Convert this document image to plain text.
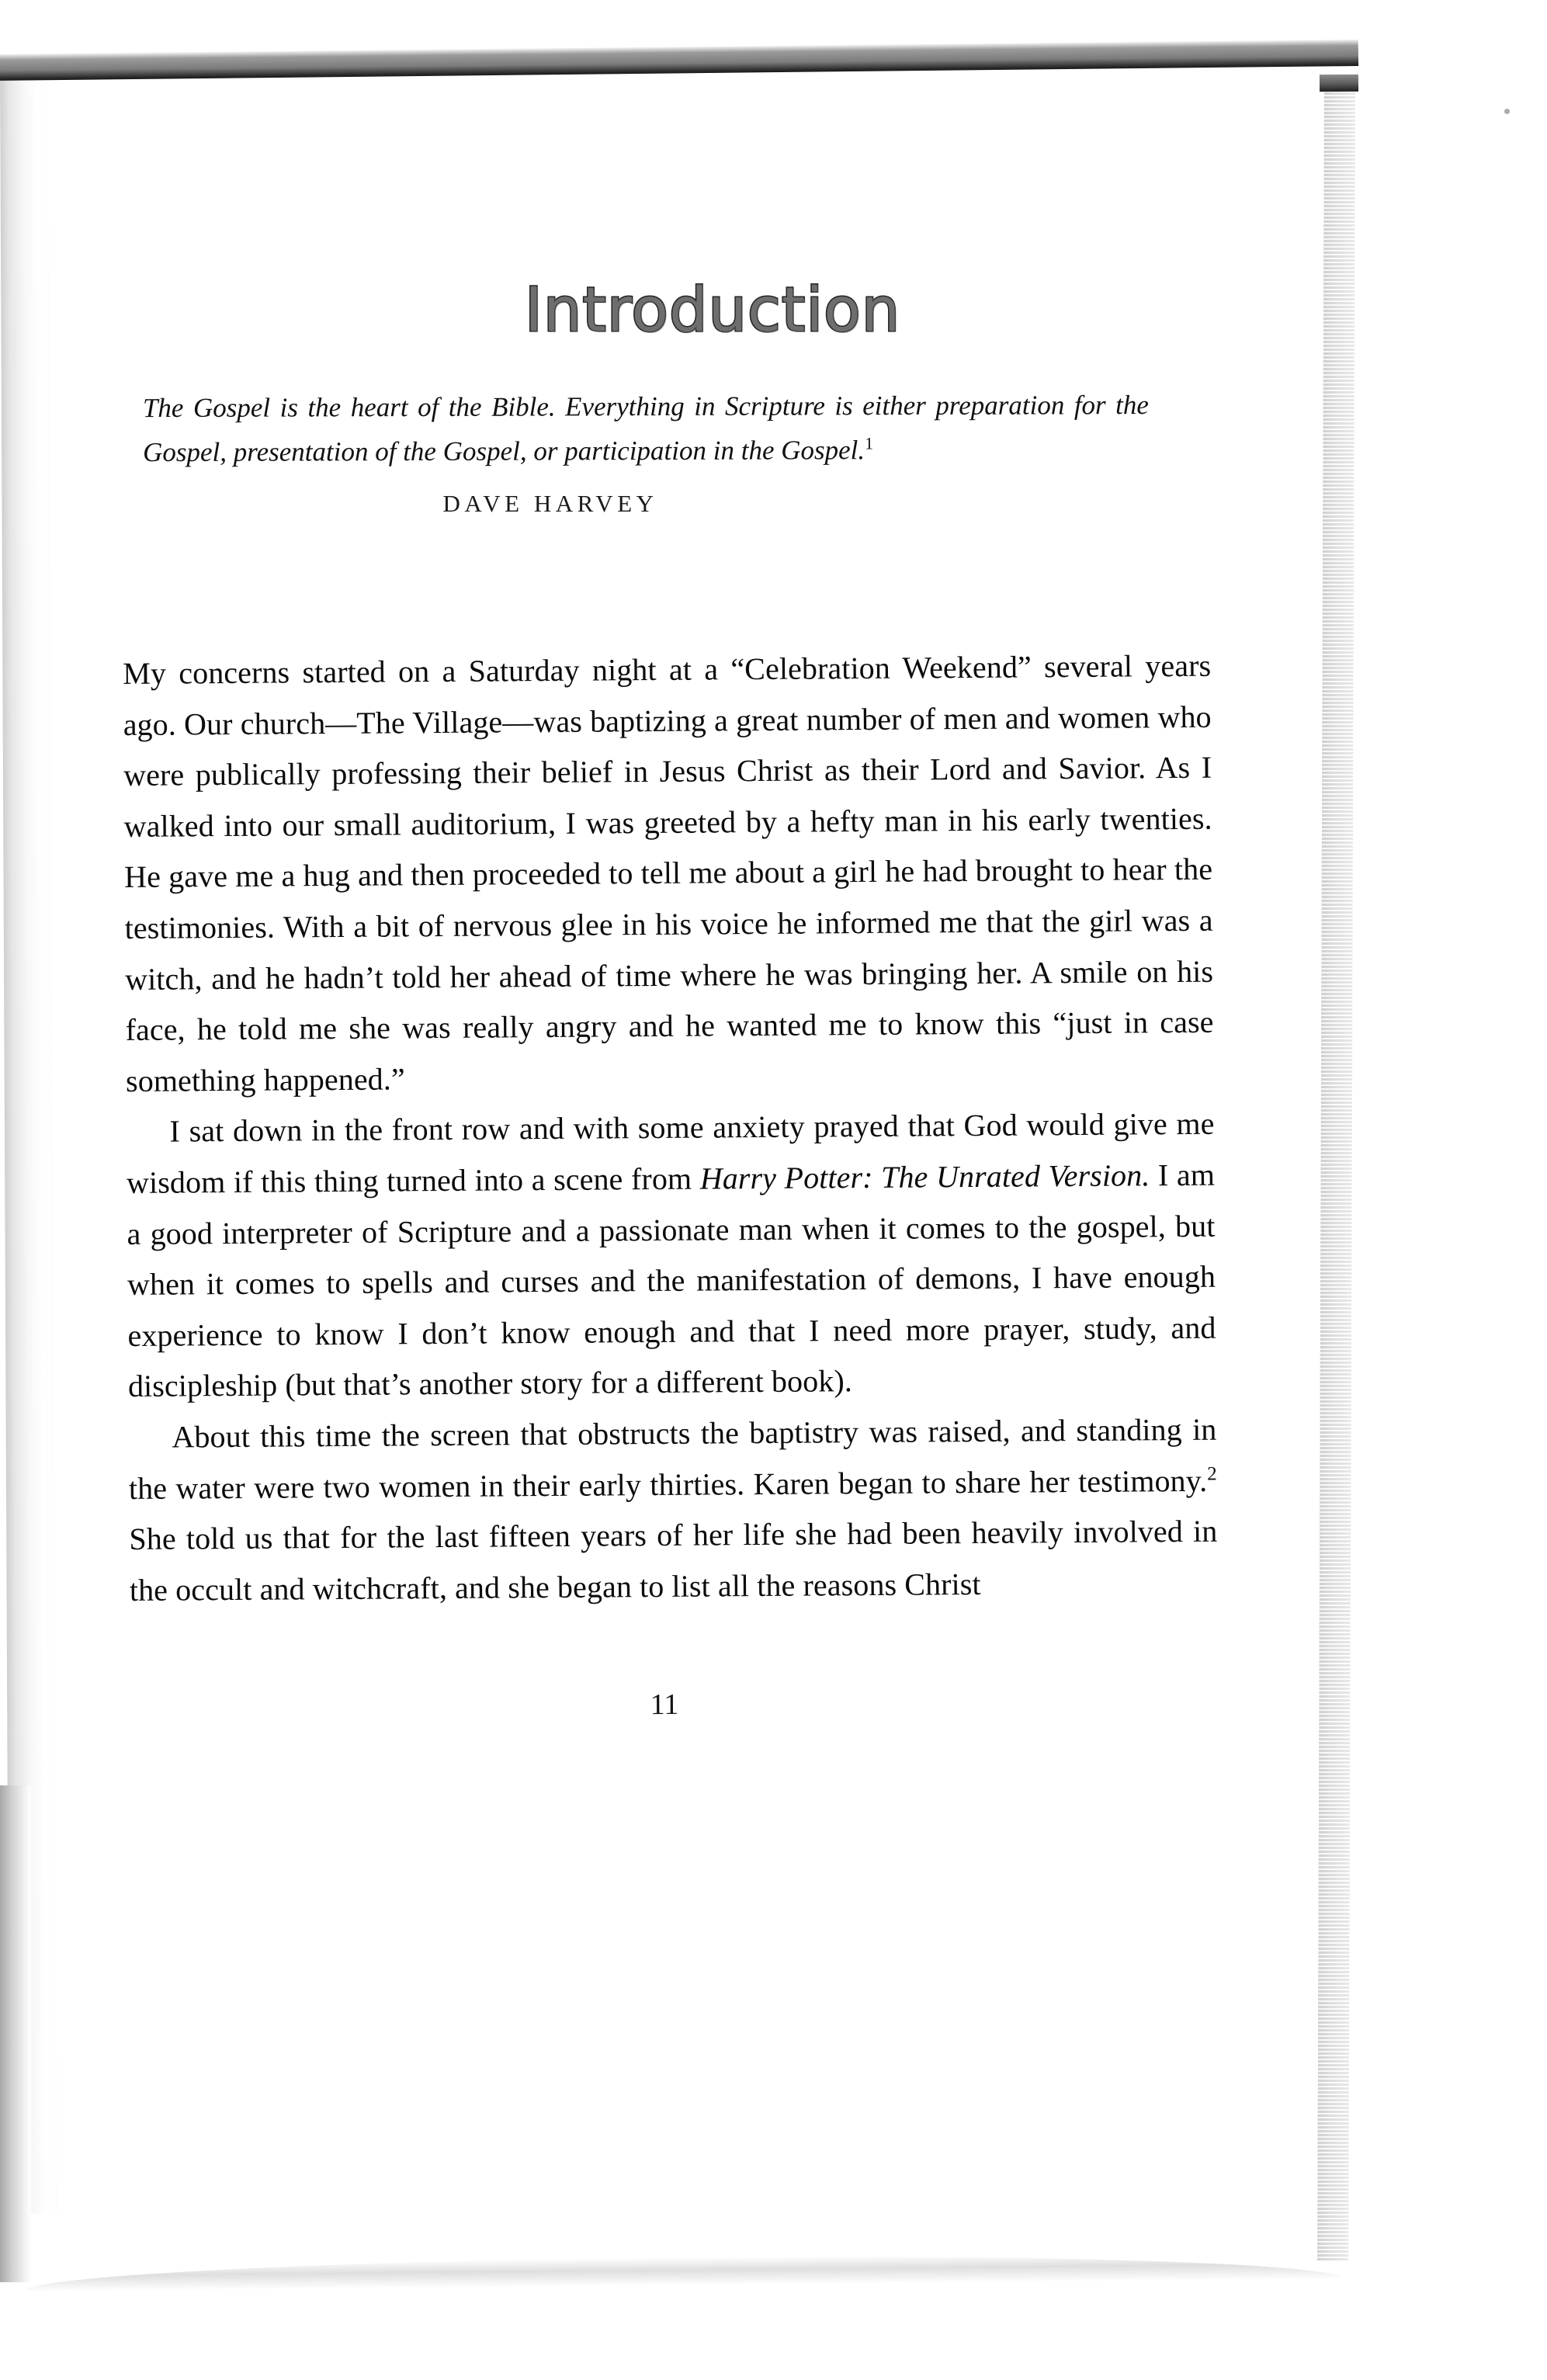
Introduction

The Gospel is the heart of the Bible. Everything in Scripture is either preparation for the Gospel, presentation of the Gospel, or participation in the Gospel.$^1$

DAVE HARVEY

My concerns started on a Saturday night at a “Celebration Weekend” several years ago. Our church—The Village—was baptizing a great number of men and women who were publically professing their belief in Jesus Christ as their Lord and Savior. As I walked into our small auditorium, I was greeted by a hefty man in his early twenties. He gave me a hug and then proceeded to tell me about a girl he had brought to hear the testimonies. With a bit of nervous glee in his voice he informed me that the girl was a witch, and he hadn’t told her ahead of time where he was bringing her. A smile on his face, he told me she was really angry and he wanted me to know this “just in case something happened.”

I sat down in the front row and with some anxiety prayed that God would give me wisdom if this thing turned into a scene from Harry Potter: The Unrated Version. I am a good interpreter of Scripture and a passionate man when it comes to the gospel, but when it comes to spells and curses and the manifestation of demons, I have enough experience to know I don’t know enough and that I need more prayer, study, and discipleship (but that’s another story for a different book).

About this time the screen that obstructs the baptistry was raised, and standing in the water were two women in their early thirties. Karen began to share her testimony.$^2$ She told us that for the last fifteen years of her life she had been heavily involved in the occult and witchcraft, and she began to list all the reasons Christ

11
